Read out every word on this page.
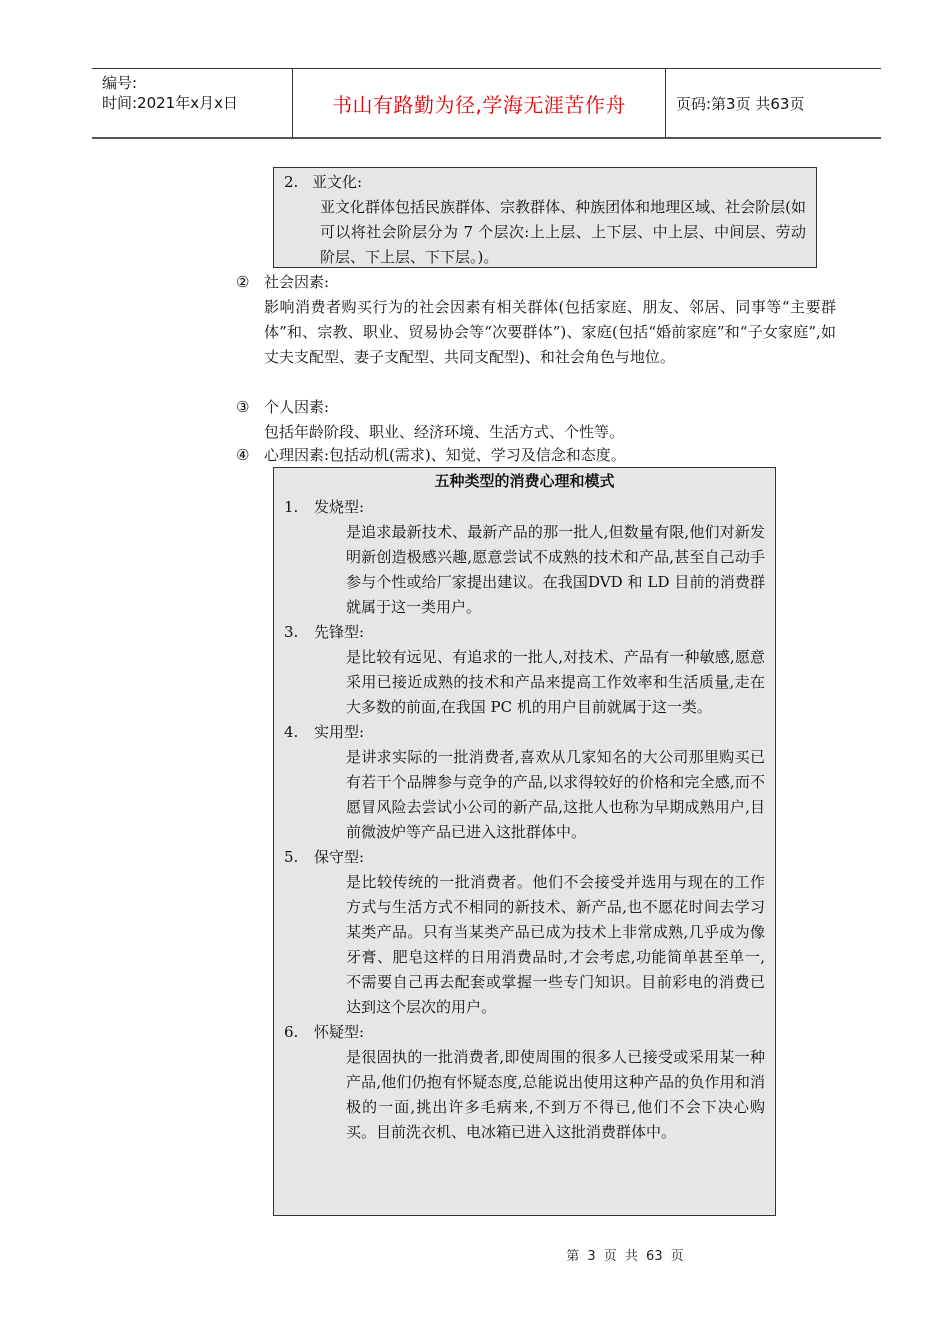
编号:
时间:2021年x月x日	书山有路勤为径,学海无涯苦作舟	页码:第3页 共63页
2. 亚文化:
亚文化群体包括民族群体、宗教群体、种族团体和地理区域、社会阶层(如可以将社会阶层分为 7 个层次:上上层、上下层、中上层、中间层、劳动阶层、下上层、下下层。)。
② 社会因素:
影响消费者购买行为的社会因素有相关群体(包括家庭、朋友、邻居、同事等“主要群体”和、宗教、职业、贸易协会等“次要群体”)、家庭(包括“婚前家庭”和“子女家庭”,如丈夫支配型、妻子支配型、共同支配型)、和社会角色与地位。
③ 个人因素:
包括年龄阶段、职业、经济环境、生活方式、个性等。
④ 心理因素:包括动机(需求)、知觉、学习及信念和态度。
五种类型的消费心理和模式
1.	发烧型:
是追求最新技术、最新产品的那一批人,但数量有限,他们对新发明新创造极感兴趣,愿意尝试不成熟的技术和产品,甚至自己动手参与个性或给厂家提出建议。在我国DVD 和 LD 目前的消费群就属于这一类用户。
3.	先锋型:
是比较有远见、有追求的一批人,对技术、产品有一种敏感,愿意采用已接近成熟的技术和产品来提高工作效率和生活质量,走在大多数的前面,在我国 PC 机的用户目前就属于这一类。
4.	实用型:
是讲求实际的一批消费者,喜欢从几家知名的大公司那里购买已有若干个品牌参与竞争的产品,以求得较好的价格和完全感,而不愿冒风险去尝试小公司的新产品,这批人也称为早期成熟用户,目前微波炉等产品已进入这批群体中。
5.	保守型:
是比较传统的一批消费者。他们不会接受并选用与现在的工作方式与生活方式不相同的新技术、新产品,也不愿花时间去学习某类产品。只有当某类产品已成为技术上非常成熟,几乎成为像牙膏、肥皂这样的日用消费品时,才会考虑,功能简单甚至单一,不需要自己再去配套或掌握一些专门知识。目前彩电的消费已达到这个层次的用户。
6.	怀疑型:
是很固执的一批消费者,即使周围的很多人已接受或采用某一种产品,他们仍抱有怀疑态度,总能说出使用这种产品的负作用和消极的一面,挑出许多毛病来,不到万不得已,他们不会下决心购买。目前洗衣机、电冰箱已进入这批消费群体中。
第 3 页 共 63 页
